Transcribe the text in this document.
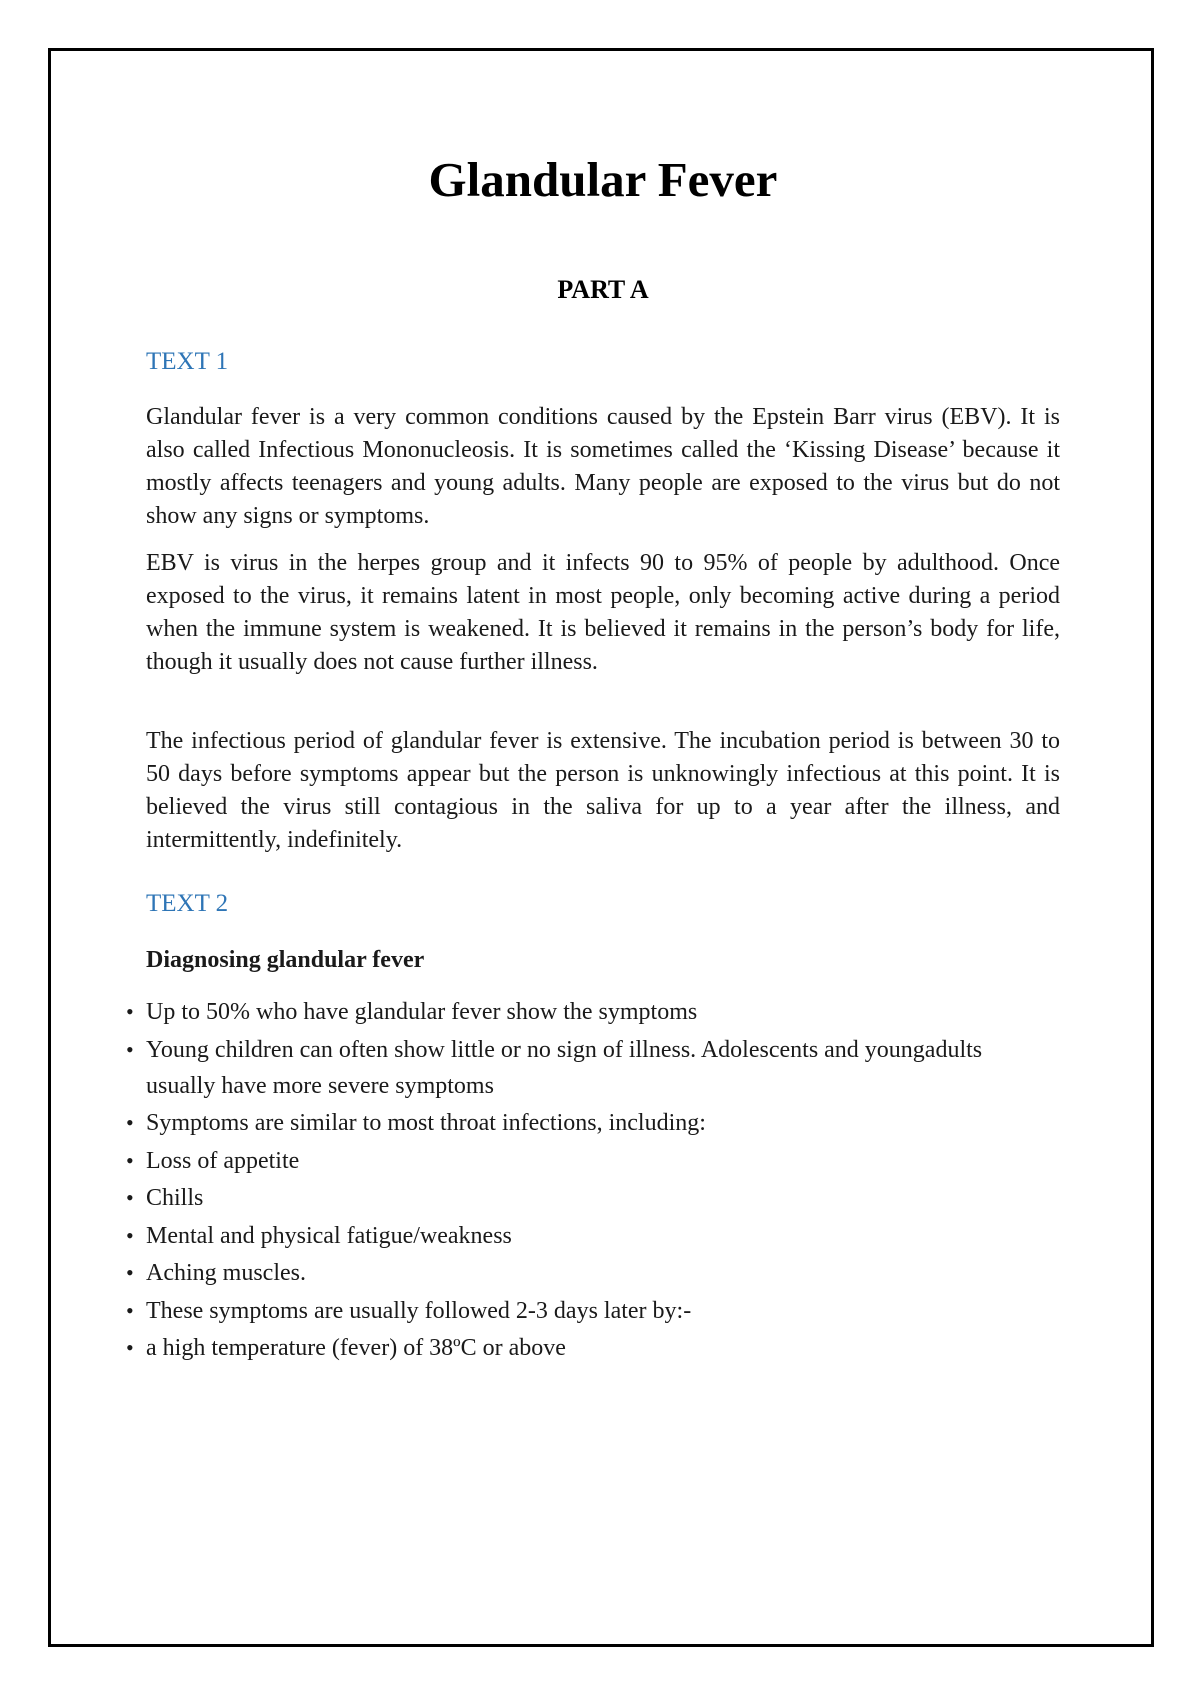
Glandular Fever
PART A
TEXT 1

Glandular fever is a very common conditions caused by the Epstein Barr virus (EBV). It is also called Infectious Mononucleosis. It is sometimes called the ‘Kissing Disease’ because it mostly affects teenagers and young adults. Many people are exposed to the virus but do not show any signs or symptoms.

EBV is virus in the herpes group and it infects 90 to 95% of people by adulthood. Once exposed to the virus, it remains latent in most people, only becoming active during a period when the immune system is weakened. It is believed it remains in the person’s body for life, though it usually does not cause further illness.

The infectious period of glandular fever is extensive. The incubation period is between 30 to 50 days before symptoms appear but the person is unknowingly infectious at this point. It is believed the virus still contagious in the saliva for up to a year after the illness, and intermittently, indefinitely.

TEXT 2
Diagnosing glandular fever
• Up to 50% who have glandular fever show the symptoms
• Young children can often show little or no sign of illness. Adolescents and youngadults usually have more severe symptoms
• Symptoms are similar to most throat infections, including:
• Loss of appetite
• Chills
• Mental and physical fatigue/weakness
• Aching muscles.
• These symptoms are usually followed 2-3 days later by:-
• a high temperature (fever) of 38ºC or above
